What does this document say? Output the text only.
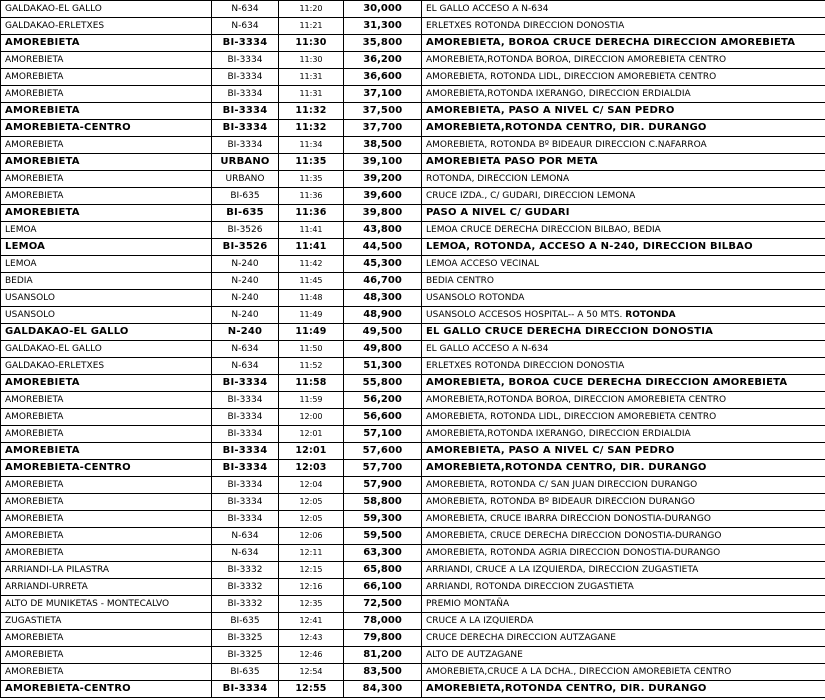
GALDAKAO-EL GALLO	N-634	11:20	30,000	EL GALLO ACCESO A N-634
GALDAKAO-ERLETXES	N-634	11:21	31,300	ERLETXES ROTONDA DIRECCION DONOSTIA
AMOREBIETA	BI-3334	11:30	35,800	AMOREBIETA, BOROA CRUCE DERECHA DIRECCION AMOREBIETA
AMOREBIETA	BI-3334	11:30	36,200	AMOREBIETA,ROTONDA BOROA, DIRECCION AMOREBIETA CENTRO
AMOREBIETA	BI-3334	11:31	36,600	AMOREBIETA, ROTONDA LIDL, DIRECCION AMOREBIETA CENTRO
AMOREBIETA	BI-3334	11:31	37,100	AMOREBIETA,ROTONDA IXERANGO, DIRECCION ERDIALDIA
AMOREBIETA	BI-3334	11:32	37,500	AMOREBIETA, PASO A NIVEL C/ SAN PEDRO
AMOREBIETA-CENTRO	BI-3334	11:32	37,700	AMOREBIETA,ROTONDA CENTRO, DIR. DURANGO
AMOREBIETA	BI-3334	11:34	38,500	AMOREBIETA, ROTONDA Bº BIDEAUR DIRECCION C.NAFARROA
AMOREBIETA	URBANO	11:35	39,100	AMOREBIETA PASO POR META
AMOREBIETA	URBANO	11:35	39,200	ROTONDA, DIRECCION LEMONA
AMOREBIETA	BI-635	11:36	39,600	CRUCE IZDA., C/ GUDARI, DIRECCION LEMONA
AMOREBIETA	BI-635	11:36	39,800	PASO A NIVEL C/ GUDARI
LEMOA	BI-3526	11:41	43,800	LEMOA CRUCE DERECHA DIRECCION BILBAO, BEDIA
LEMOA	BI-3526	11:41	44,500	LEMOA, ROTONDA, ACCESO A N-240, DIRECCION BILBAO
LEMOA	N-240	11:42	45,300	LEMOA ACCESO VECINAL
BEDIA	N-240	11:45	46,700	BEDIA CENTRO
USANSOLO	N-240	11:48	48,300	USANSOLO ROTONDA
USANSOLO	N-240	11:49	48,900	USANSOLO ACCESOS HOSPITAL-- A 50 MTS. ROTONDA
GALDAKAO-EL GALLO	N-240	11:49	49,500	EL GALLO CRUCE DERECHA DIRECCION DONOSTIA
GALDAKAO-EL GALLO	N-634	11:50	49,800	EL GALLO ACCESO A N-634
GALDAKAO-ERLETXES	N-634	11:52	51,300	ERLETXES ROTONDA DIRECCION DONOSTIA
AMOREBIETA	BI-3334	11:58	55,800	AMOREBIETA, BOROA CUCE DERECHA DIRECCION AMOREBIETA
AMOREBIETA	BI-3334	11:59	56,200	AMOREBIETA,ROTONDA BOROA, DIRECCION AMOREBIETA CENTRO
AMOREBIETA	BI-3334	12:00	56,600	AMOREBIETA, ROTONDA LIDL, DIRECCION AMOREBIETA CENTRO
AMOREBIETA	BI-3334	12:01	57,100	AMOREBIETA,ROTONDA IXERANGO, DIRECCION ERDIALDIA
AMOREBIETA	BI-3334	12:01	57,600	AMOREBIETA, PASO A NIVEL C/ SAN PEDRO
AMOREBIETA-CENTRO	BI-3334	12:03	57,700	AMOREBIETA,ROTONDA CENTRO, DIR. DURANGO
AMOREBIETA	BI-3334	12:04	57,900	AMOREBIETA, ROTONDA C/ SAN JUAN DIRECCION DURANGO
AMOREBIETA	BI-3334	12:05	58,800	AMOREBIETA, ROTONDA Bº BIDEAUR DIRECCION DURANGO
AMOREBIETA	BI-3334	12:05	59,300	AMOREBIETA, CRUCE IBARRA DIRECCION DONOSTIA-DURANGO
AMOREBIETA	N-634	12:06	59,500	AMOREBIETA, CRUCE DERECHA DIRECCION DONOSTIA-DURANGO
AMOREBIETA	N-634	12:11	63,300	AMOREBIETA, ROTONDA AGRIA DIRECCION DONOSTIA-DURANGO
ARRIANDI-LA PILASTRA	BI-3332	12:15	65,800	ARRIANDI, CRUCE A LA IZQUIERDA, DIRECCION ZUGASTIETA
ARRIANDI-URRETA	BI-3332	12:16	66,100	ARRIANDI, ROTONDA DIRECCION ZUGASTIETA
ALTO DE MUNIKETAS - MONTECALVO	BI-3332	12:35	72,500	PREMIO MONTAÑA
ZUGASTIETA	BI-635	12:41	78,000	CRUCE A LA IZQUIERDA
AMOREBIETA	BI-3325	12:43	79,800	CRUCE DERECHA DIRECCION AUTZAGANE
AMOREBIETA	BI-3325	12:46	81,200	ALTO DE AUTZAGANE
AMOREBIETA	BI-635	12:54	83,500	AMOREBIETA,CRUCE A LA DCHA., DIRECCION AMOREBIETA CENTRO
AMOREBIETA-CENTRO	BI-3334	12:55	84,300	AMOREBIETA,ROTONDA CENTRO, DIR. DURANGO
